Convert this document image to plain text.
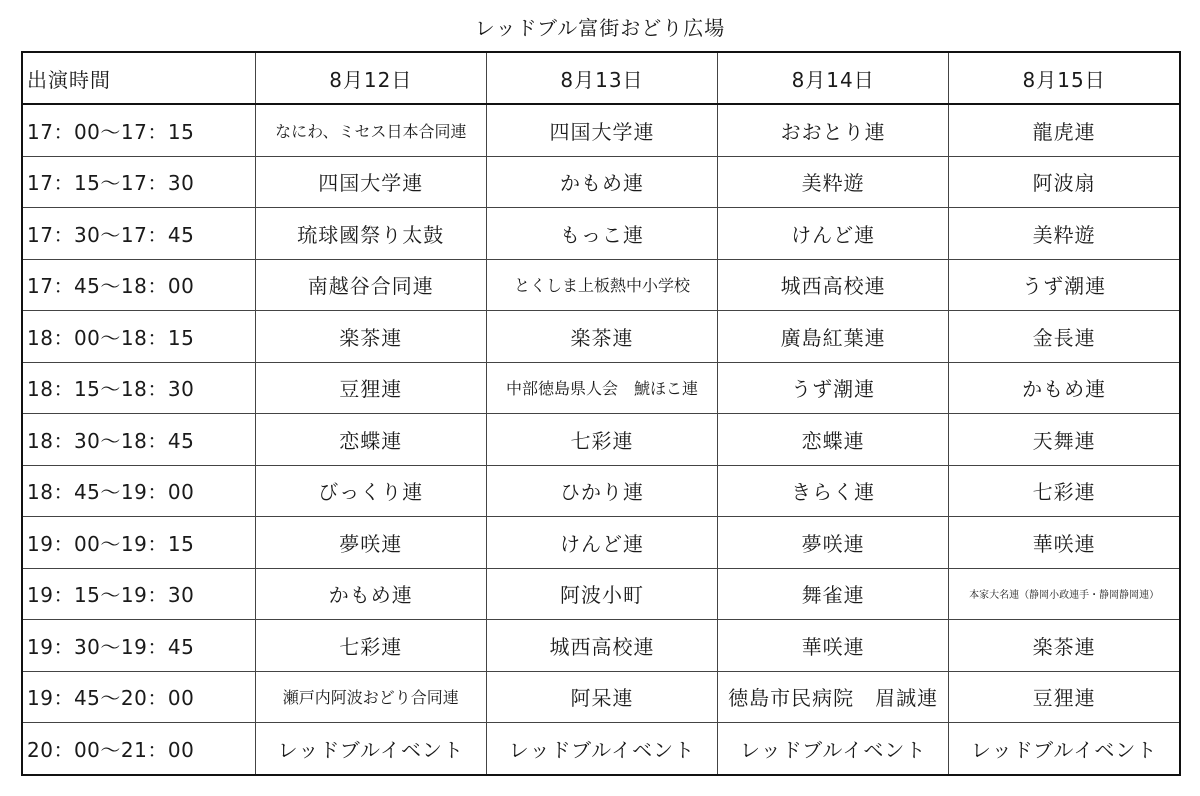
レッドブル富街おどり広場
出演時間	8月12日	8月13日	8月14日	8月15日
17：00〜17：15	なにわ、ミセス日本合同連	四国大学連	おおとり連	龍虎連
17：15〜17：30	四国大学連	かもめ連	美粋遊	阿波扇
17：30〜17：45	琉球國祭り太鼓	もっこ連	けんど連	美粋遊
17：45〜18：00	南越谷合同連	とくしま上板熱中小学校	城西高校連	うず潮連
18：00〜18：15	楽茶連	楽茶連	廣島紅葉連	金長連
18：15〜18：30	豆狸連	中部徳島県人会　鯱ほこ連	うず潮連	かもめ連
18：30〜18：45	恋蝶連	七彩連	恋蝶連	天舞連
18：45〜19：00	びっくり連	ひかり連	きらく連	七彩連
19：00〜19：15	夢咲連	けんど連	夢咲連	華咲連
19：15〜19：30	かもめ連	阿波小町	舞雀連	本家大名連（静岡小政連手・静岡静岡連）
19：30〜19：45	七彩連	城西高校連	華咲連	楽茶連
19：45〜20：00	瀬戸内阿波おどり合同連	阿呆連	徳島市民病院　眉誠連	豆狸連
20：00〜21：00	レッドブルイベント	レッドブルイベント	レッドブルイベント	レッドブルイベント
